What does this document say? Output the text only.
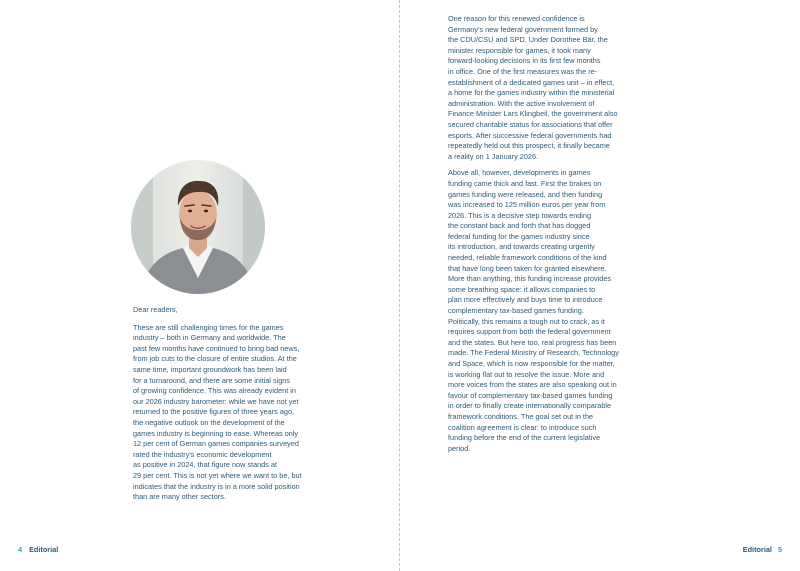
Dear readers,

These are still challenging times for the games
industry – both in Germany and worldwide. The
past few months have continued to bring bad news,
from job cuts to the closure of entire studios. At the
same time, important groundwork has been laid
for a turnaround, and there are some initial signs
of growing confidence. This was already evident in
our 2026 industry barometer: while we have not yet
returned to the positive figures of three years ago,
the negative outlook on the development of the
games industry is beginning to ease. Whereas only
12 per cent of German games companies surveyed
rated the industry's economic development
as positive in 2024, that figure now stands at
29 per cent. This is not yet where we want to be, but
indicates that the industry is in a more solid position
than are many other sectors.

4 Editorial

One reason for this renewed confidence is
Germany's new federal government formed by
the CDU/CSU and SPD. Under Dorothee Bär, the
minister responsible for games, it took many
forward-looking decisions in its first few months
in office. One of the first measures was the re-
establishment of a dedicated games unit – in effect,
a home for the games industry within the ministerial
administration. With the active involvement of
Finance Minister Lars Klingbeil, the government also
secured charitable status for associations that offer
esports. After successive federal governments had
repeatedly held out this prospect, it finally became
a reality on 1 January 2026.

Above all, however, developments in games
funding came thick and fast. First the brakes on
games funding were released, and then funding
was increased to 125 million euros per year from
2026. This is a decisive step towards ending
the constant back and forth that has dogged
federal funding for the games industry since
its introduction, and towards creating urgently
needed, reliable framework conditions of the kind
that have long been taken for granted elsewhere.
More than anything, this funding increase provides
some breathing space: it allows companies to
plan more effectively and buys time to introduce
complementary tax-based games funding.
Politically, this remains a tough nut to crack, as it
requires support from both the federal government
and the states. But here too, real progress has been
made. The Federal Ministry of Research, Technology
and Space, which is now responsible for the matter,
is working flat out to resolve the issue. More and
more voices from the states are also speaking out in
favour of complementary tax-based games funding
in order to finally create internationally comparable
framework conditions. The goal set out in the
coalition agreement is clear: to introduce such
funding before the end of the current legislative
period.

Editorial 5
